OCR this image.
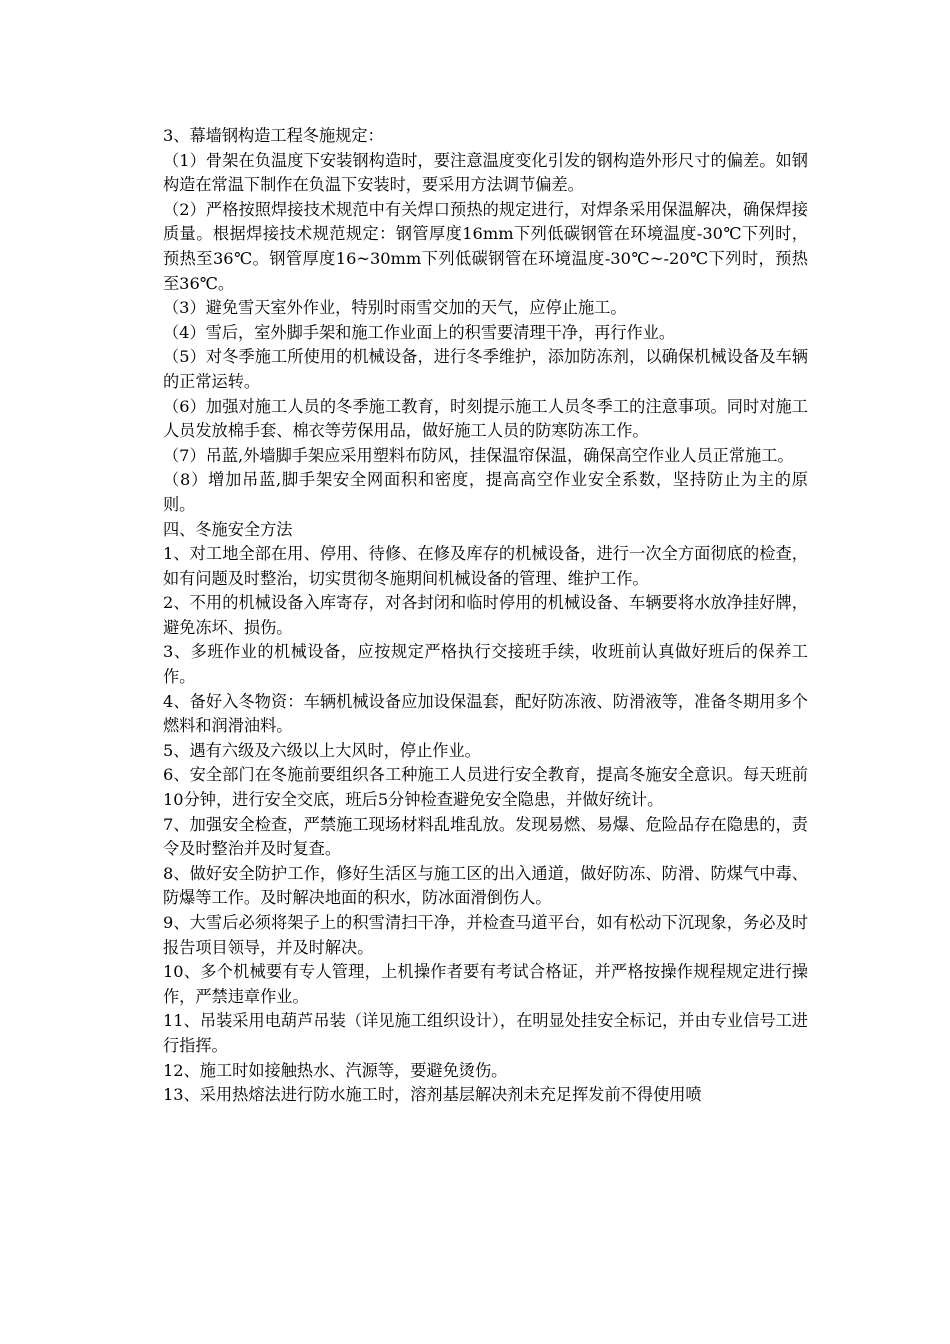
3、幕墙钢构造工程冬施规定：

（1）骨架在负温度下安装钢构造时，要注意温度变化引发的钢构造外形尺寸的偏差。如钢构造在常温下制作在负温下安装时，要采用方法调节偏差。

（2）严格按照焊接技术规范中有关焊口预热的规定进行，对焊条采用保温解决，确保焊接质量。根据焊接技术规范规定：钢管厚度16mm下列低碳钢管在环境温度-30℃下列时，预热至36℃。钢管厚度16~30mm下列低碳钢管在环境温度-30℃~-20℃下列时，预热至36℃。

（3）避免雪天室外作业，特别时雨雪交加的天气，应停止施工。

（4）雪后，室外脚手架和施工作业面上的积雪要清理干净，再行作业。

（5）对冬季施工所使用的机械设备，进行冬季维护，添加防冻剂，以确保机械设备及车辆的正常运转。

（6）加强对施工人员的冬季施工教育，时刻提示施工人员冬季工的注意事项。同时对施工人员发放棉手套、棉衣等劳保用品，做好施工人员的防寒防冻工作。

（7）吊蓝,外墙脚手架应采用塑料布防风，挂保温帘保温，确保高空作业人员正常施工。

（8）增加吊蓝,脚手架安全网面积和密度，提高高空作业安全系数，坚持防止为主的原则。

四、冬施安全方法

1、对工地全部在用、停用、待修、在修及库存的机械设备，进行一次全方面彻底的检查，如有问题及时整治，切实贯彻冬施期间机械设备的管理、维护工作。

2、不用的机械设备入库寄存，对各封闭和临时停用的机械设备、车辆要将水放净挂好牌，避免冻坏、损伤。

3、多班作业的机械设备，应按规定严格执行交接班手续，收班前认真做好班后的保养工作。

4、备好入冬物资：车辆机械设备应加设保温套，配好防冻液、防滑液等，准备冬期用多个燃料和润滑油料。

5、遇有六级及六级以上大风时，停止作业。

6、安全部门在冬施前要组织各工种施工人员进行安全教育，提高冬施安全意识。每天班前10分钟，进行安全交底，班后5分钟检查避免安全隐患，并做好统计。

7、加强安全检查，严禁施工现场材料乱堆乱放。发现易燃、易爆、危险品存在隐患的，责令及时整治并及时复查。

8、做好安全防护工作，修好生活区与施工区的出入通道，做好防冻、防滑、防煤气中毒、防爆等工作。及时解决地面的积水，防冰面滑倒伤人。

9、大雪后必须将架子上的积雪清扫干净，并检查马道平台，如有松动下沉现象，务必及时报告项目领导，并及时解决。

10、多个机械要有专人管理，上机操作者要有考试合格证，并严格按操作规程规定进行操作，严禁违章作业。

11、吊装采用电葫芦吊装（详见施工组织设计），在明显处挂安全标记，并由专业信号工进行指挥。

12、施工时如接触热水、汽源等，要避免烫伤。

13、采用热熔法进行防水施工时，溶剂基层解决剂未充足挥发前不得使用喷
